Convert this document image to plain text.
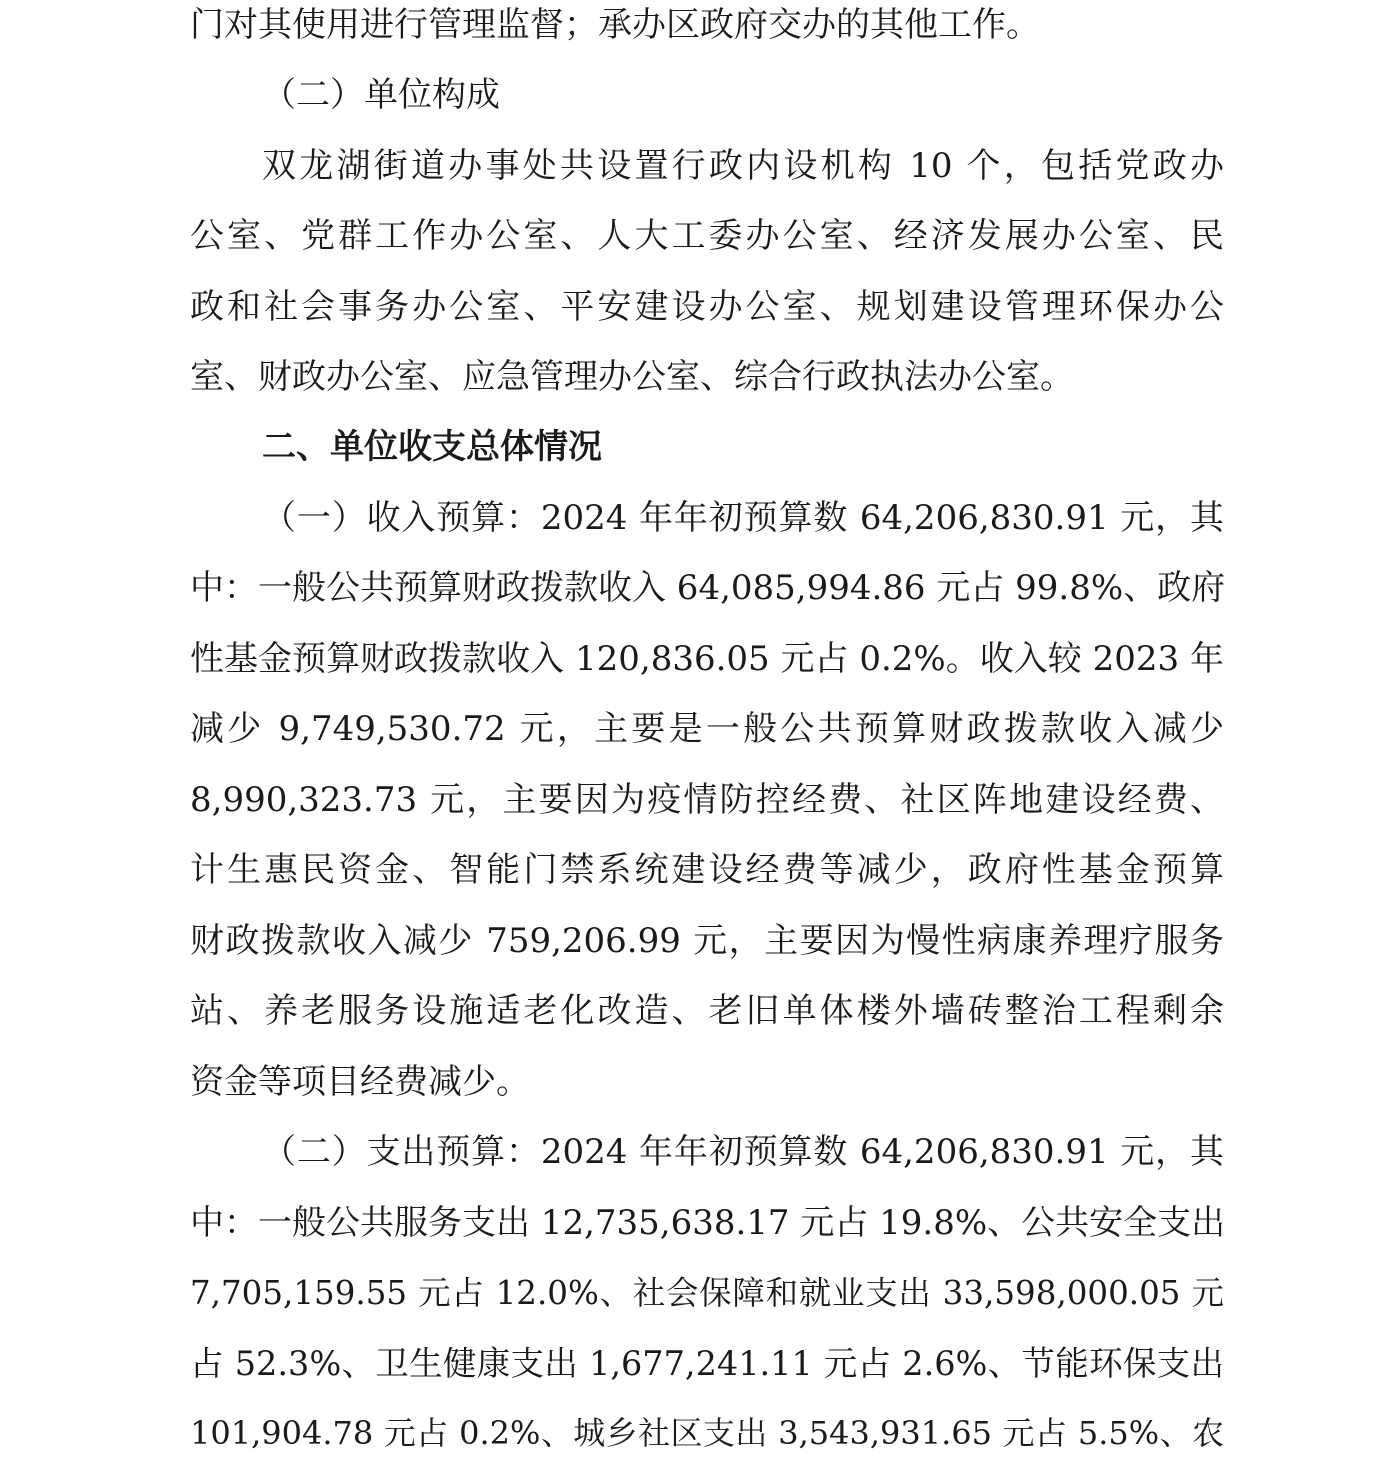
门对其使用进行管理监督；承办区政府交办的其他工作。
（二）单位构成
双龙湖街道办事处共设置行政内设机构 10 个，包括党政办
公室、党群工作办公室、人大工委办公室、经济发展办公室、民
政和社会事务办公室、平安建设办公室、规划建设管理环保办公
室、财政办公室、应急管理办公室、综合行政执法办公室。
二、单位收支总体情况
（一）收入预算：2024 年年初预算数 64,206,830.91 元，其
中：一般公共预算财政拨款收入 64,085,994.86 元占 99.8%、政府
性基金预算财政拨款收入 120,836.05 元占 0.2%。收入较 2023 年
减少 9,749,530.72 元，主要是一般公共预算财政拨款收入减少
8,990,323.73 元，主要因为疫情防控经费、社区阵地建设经费、
计生惠民资金、智能门禁系统建设经费等减少，政府性基金预算
财政拨款收入减少 759,206.99 元，主要因为慢性病康养理疗服务
站、养老服务设施适老化改造、老旧单体楼外墙砖整治工程剩余
资金等项目经费减少。
（二）支出预算：2024 年年初预算数 64,206,830.91 元，其
中：一般公共服务支出 12,735,638.17 元占 19.8%、公共安全支出
7,705,159.55 元占 12.0%、社会保障和就业支出 33,598,000.05 元
占 52.3%、卫生健康支出 1,677,241.11 元占 2.6%、节能环保支出
101,904.78 元占 0.2%、城乡社区支出 3,543,931.65 元占 5.5%、农
